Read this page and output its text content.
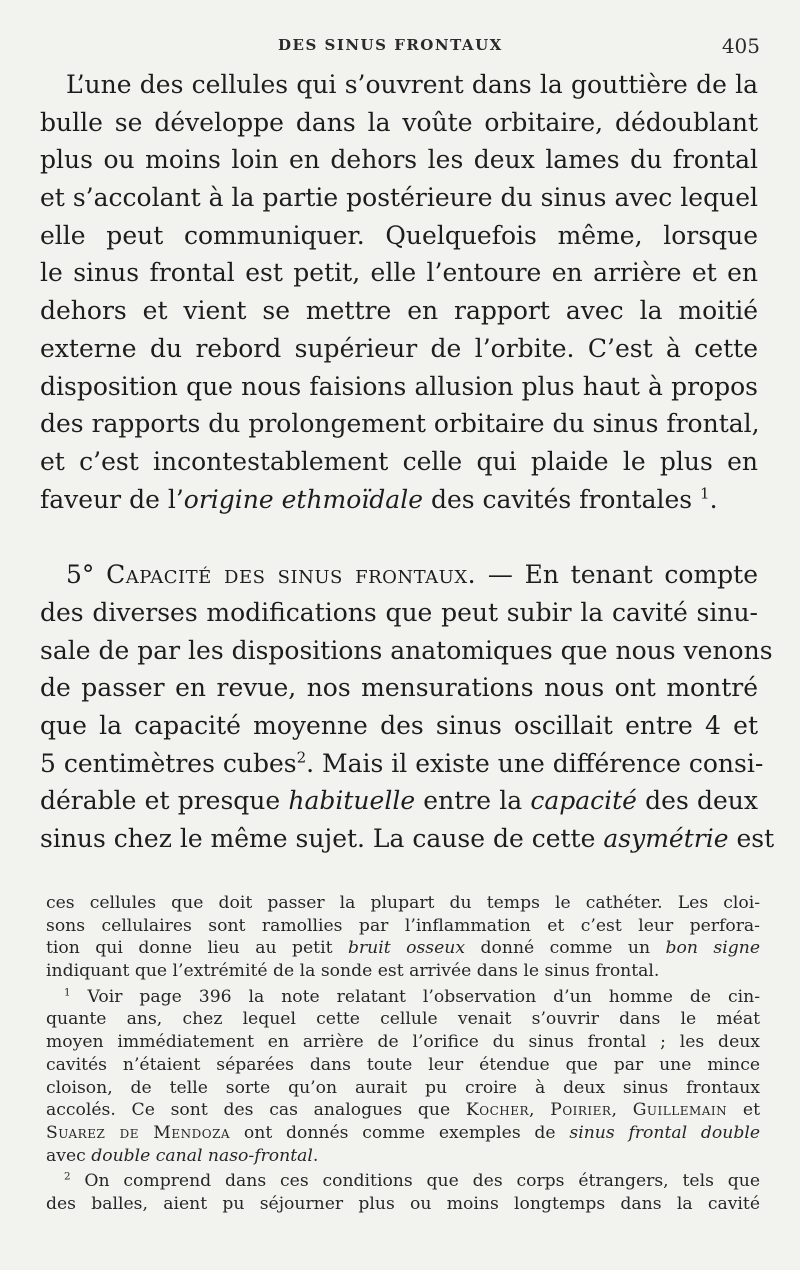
DES SINUS FRONTAUX	405
L’une des cellules qui s’ouvrent dans la gouttière de la
bulle se développe dans la voûte orbitaire, dédoublant
plus ou moins loin en dehors les deux lames du frontal
et s’accolant à la partie postérieure du sinus avec lequel
elle peut communiquer. Quelquefois même, lorsque
le sinus frontal est petit, elle l’entoure en arrière et en
dehors et vient se mettre en rapport avec la moitié
externe du rebord supérieur de l’orbite. C’est à cette
disposition que nous faisions allusion plus haut à propos
des rapports du prolongement orbitaire du sinus frontal,
et c’est incontestablement celle qui plaide le plus en
faveur de l’origine ethmoïdale des cavités frontales $^1$.
5° Capacité des sinus frontaux. — En tenant compte
des diverses modifications que peut subir la cavité sinu-
sale de par les dispositions anatomiques que nous venons
de passer en revue, nos mensurations nous ont montré
que la capacité moyenne des sinus oscillait entre 4 et
5 centimètres cubes$^2$. Mais il existe une différence consi-
dérable et presque habituelle entre la capacité des deux
sinus chez le même sujet. La cause de cette asymétrie est
ces cellules que doit passer la plupart du temps le cathéter. Les cloi-
sons cellulaires sont ramollies par l’inflammation et c’est leur perfora-
tion qui donne lieu au petit bruit osseux donné comme un bon signe
indiquant que l’extrémité de la sonde est arrivée dans le sinus frontal.
$^1$ Voir page 396 la note relatant l’observation d’un homme de cin-
quante ans, chez lequel cette cellule venait s’ouvrir dans le méat
moyen immédiatement en arrière de l’orifice du sinus frontal ; les deux
cavités n’étaient séparées dans toute leur étendue que par une mince
cloison, de telle sorte qu’on aurait pu croire à deux sinus frontaux
accolés. Ce sont des cas analogues que Kocher, Poirier, Guillemain et
Suarez de Mendoza ont donnés comme exemples de sinus frontal double
avec double canal naso-frontal.
$^2$ On comprend dans ces conditions que des corps étrangers, tels que
des balles, aient pu séjourner plus ou moins longtemps dans la cavité
